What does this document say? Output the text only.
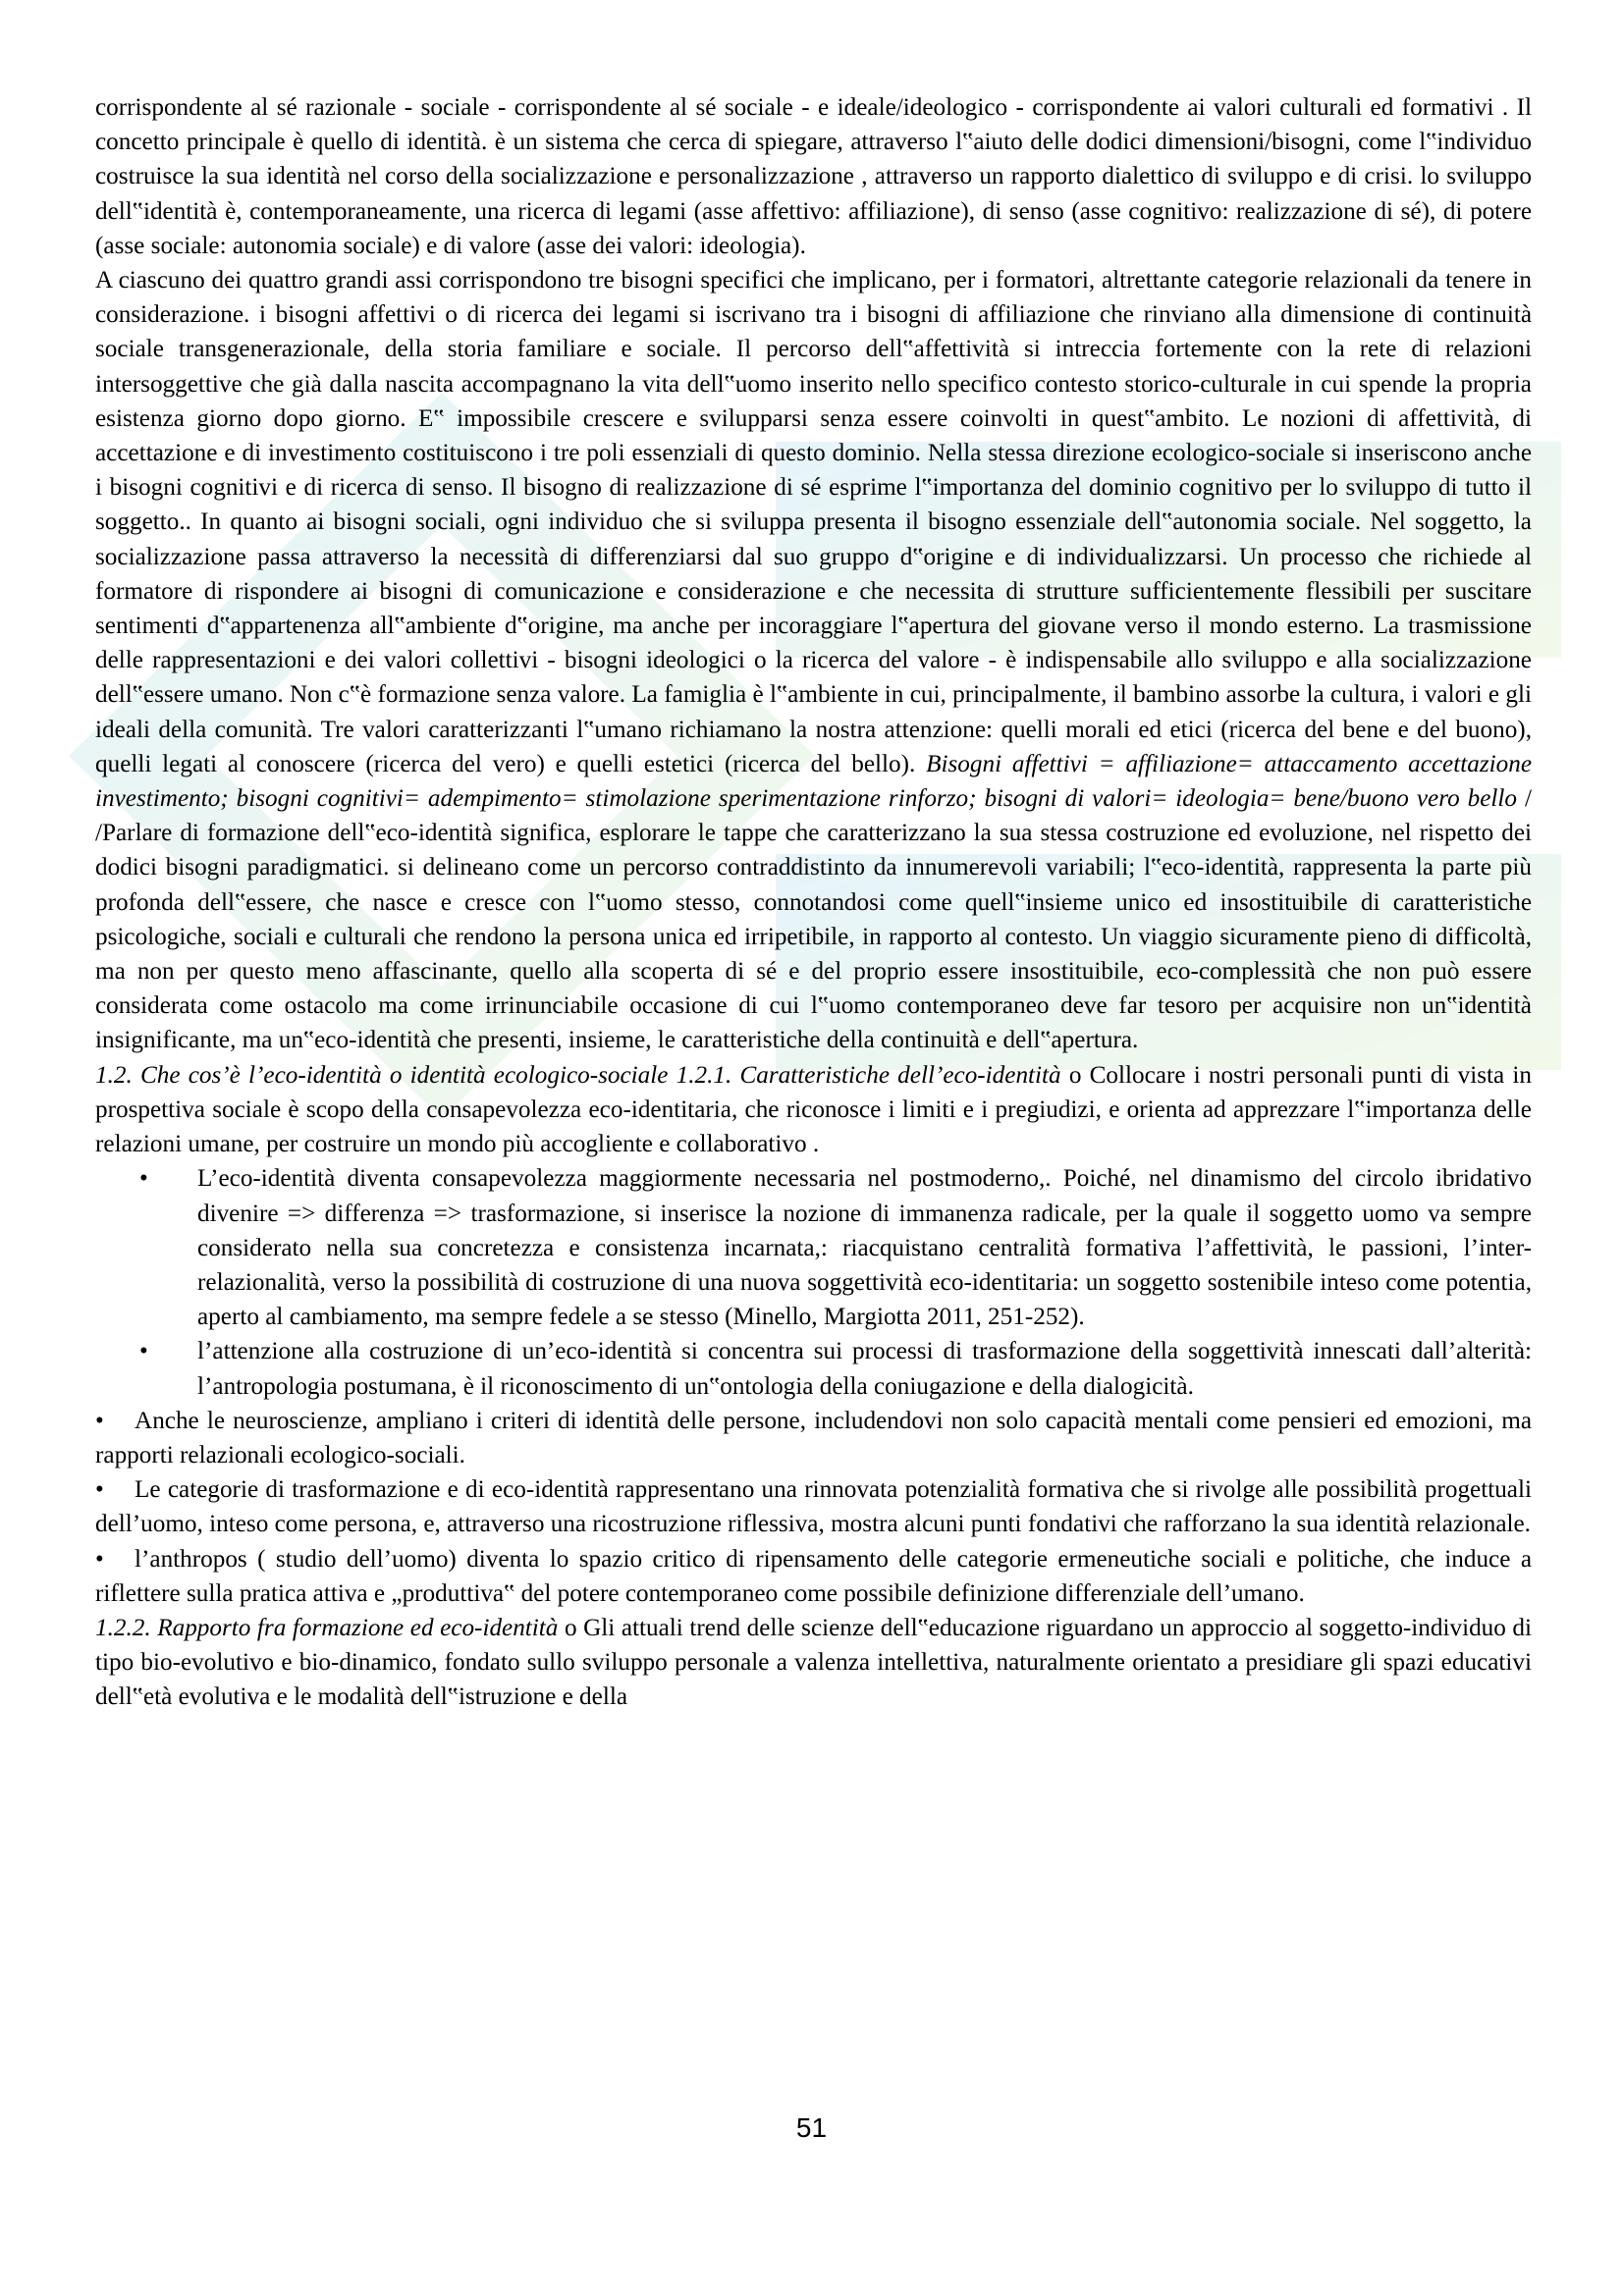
corrispondente al sé razionale - sociale - corrispondente al sé sociale - e ideale/ideologico - corrispondente ai valori culturali ed formativi . Il concetto principale è quello di identità. è un sistema che cerca di spiegare, attraverso l‟aiuto delle dodici dimensioni/bisogni, come l‟individuo costruisce la sua identità nel corso della socializzazione e personalizzazione , attraverso un rapporto dialettico di sviluppo e di crisi. lo sviluppo dell‟identità è, contemporaneamente, una ricerca di legami (asse affettivo: affiliazione), di senso (asse cognitivo: realizzazione di sé), di potere (asse sociale: autonomia sociale) e di valore (asse dei valori: ideologia).

A ciascuno dei quattro grandi assi corrispondono tre bisogni specifici che implicano, per i formatori, altrettante categorie relazionali da tenere in considerazione. i bisogni affettivi o di ricerca dei legami si iscrivano tra i bisogni di affiliazione che rinviano alla dimensione di continuità sociale transgenerazionale, della storia familiare e sociale. Il percorso dell‟affettività si intreccia fortemente con la rete di relazioni intersoggettive che già dalla nascita accompagnano la vita dell‟uomo inserito nello specifico contesto storico-culturale in cui spende la propria esistenza giorno dopo giorno. E‟ impossibile crescere e svilupparsi senza essere coinvolti in quest‟ambito. Le nozioni di affettività, di accettazione e di investimento costituiscono i tre poli essenziali di questo dominio. Nella stessa direzione ecologico-sociale si inseriscono anche i bisogni cognitivi e di ricerca di senso. Il bisogno di realizzazione di sé esprime l‟importanza del dominio cognitivo per lo sviluppo di tutto il soggetto.. In quanto ai bisogni sociali, ogni individuo che si sviluppa presenta il bisogno essenziale dell‟autonomia sociale. Nel soggetto, la socializzazione passa attraverso la necessità di differenziarsi dal suo gruppo d‟origine e di individualizzarsi. Un processo che richiede al formatore di rispondere ai bisogni di comunicazione e considerazione e che necessita di strutture sufficientemente flessibili per suscitare sentimenti d‟appartenenza all‟ambiente d‟origine, ma anche per incoraggiare l‟apertura del giovane verso il mondo esterno. La trasmissione delle rappresentazioni e dei valori collettivi - bisogni ideologici o la ricerca del valore - è indispensabile allo sviluppo e alla socializzazione dell‟essere umano. Non c‟è formazione senza valore. La famiglia è l‟ambiente in cui, principalmente, il bambino assorbe la cultura, i valori e gli ideali della comunità. Tre valori caratterizzanti l‟umano richiamano la nostra attenzione: quelli morali ed etici (ricerca del bene e del buono), quelli legati al conoscere (ricerca del vero) e quelli estetici (ricerca del bello). Bisogni affettivi = affiliazione= attaccamento accettazione investimento; bisogni cognitivi= adempimento= stimolazione sperimentazione rinforzo; bisogni di valori= ideologia= bene/buono vero bello / /Parlare di formazione dell‟eco-identità significa, esplorare le tappe che caratterizzano la sua stessa costruzione ed evoluzione, nel rispetto dei dodici bisogni paradigmatici. si delineano come un percorso contraddistinto da innumerevoli variabili; l‟eco-identità, rappresenta la parte più profonda dell‟essere, che nasce e cresce con l‟uomo stesso, connotandosi come quell‟insieme unico ed insostituibile di caratteristiche psicologiche, sociali e culturali che rendono la persona unica ed irripetibile, in rapporto al contesto. Un viaggio sicuramente pieno di difficoltà, ma non per questo meno affascinante, quello alla scoperta di sé e del proprio essere insostituibile, eco-complessità che non può essere considerata come ostacolo ma come irrinunciabile occasione di cui l‟uomo contemporaneo deve far tesoro per acquisire non un‟identità insignificante, ma un‟eco-identità che presenti, insieme, le caratteristiche della continuità e dell‟apertura.

1.2. Che cos’è l’eco-identità o identità ecologico-sociale 1.2.1. Caratteristiche dell’eco-identità o Collocare i nostri personali punti di vista in prospettiva sociale è scopo della consapevolezza eco-identitaria, che riconosce i limiti e i pregiudizi, e orienta ad apprezzare l‟importanza delle relazioni umane, per costruire un mondo più accogliente e collaborativo .

• L’eco-identità diventa consapevolezza maggiormente necessaria nel postmoderno,. Poiché, nel dinamismo del circolo ibridativo divenire => differenza => trasformazione, si inserisce la nozione di immanenza radicale, per la quale il soggetto uomo va sempre considerato nella sua concretezza e consistenza incarnata,: riacquistano centralità formativa l’affettività, le passioni, l’inter-relazionalità, verso la possibilità di costruzione di una nuova soggettività eco-identitaria: un soggetto sostenibile inteso come potentia, aperto al cambiamento, ma sempre fedele a se stesso (Minello, Margiotta 2011, 251-252).
• l’attenzione alla costruzione di un’eco-identità si concentra sui processi di trasformazione della soggettività innescati dall’alterità: l’antropologia postumana, è il riconoscimento di un‟ontologia della coniugazione e della dialogicità.

•Anche le neuroscienze, ampliano i criteri di identità delle persone, includendovi non solo capacità mentali come pensieri ed emozioni, ma rapporti relazionali ecologico-sociali.

•Le categorie di trasformazione e di eco-identità rappresentano una rinnovata potenzialità formativa che si rivolge alle possibilità progettuali dell’uomo, inteso come persona, e, attraverso una ricostruzione riflessiva, mostra alcuni punti fondativi che rafforzano la sua identità relazionale.

•l’anthropos ( studio dell’uomo) diventa lo spazio critico di ripensamento delle categorie ermeneutiche sociali e politiche, che induce a riflettere sulla pratica attiva e „produttiva‟ del potere contemporaneo come possibile definizione differenziale dell’umano.

1.2.2. Rapporto fra formazione ed eco-identità o Gli attuali trend delle scienze dell‟educazione riguardano un approccio al soggetto-individuo di tipo bio-evolutivo e bio-dinamico, fondato sullo sviluppo personale a valenza intellettiva, naturalmente orientato a presidiare gli spazi educativi dell‟età evolutiva e le modalità dell‟istruzione e della

51
